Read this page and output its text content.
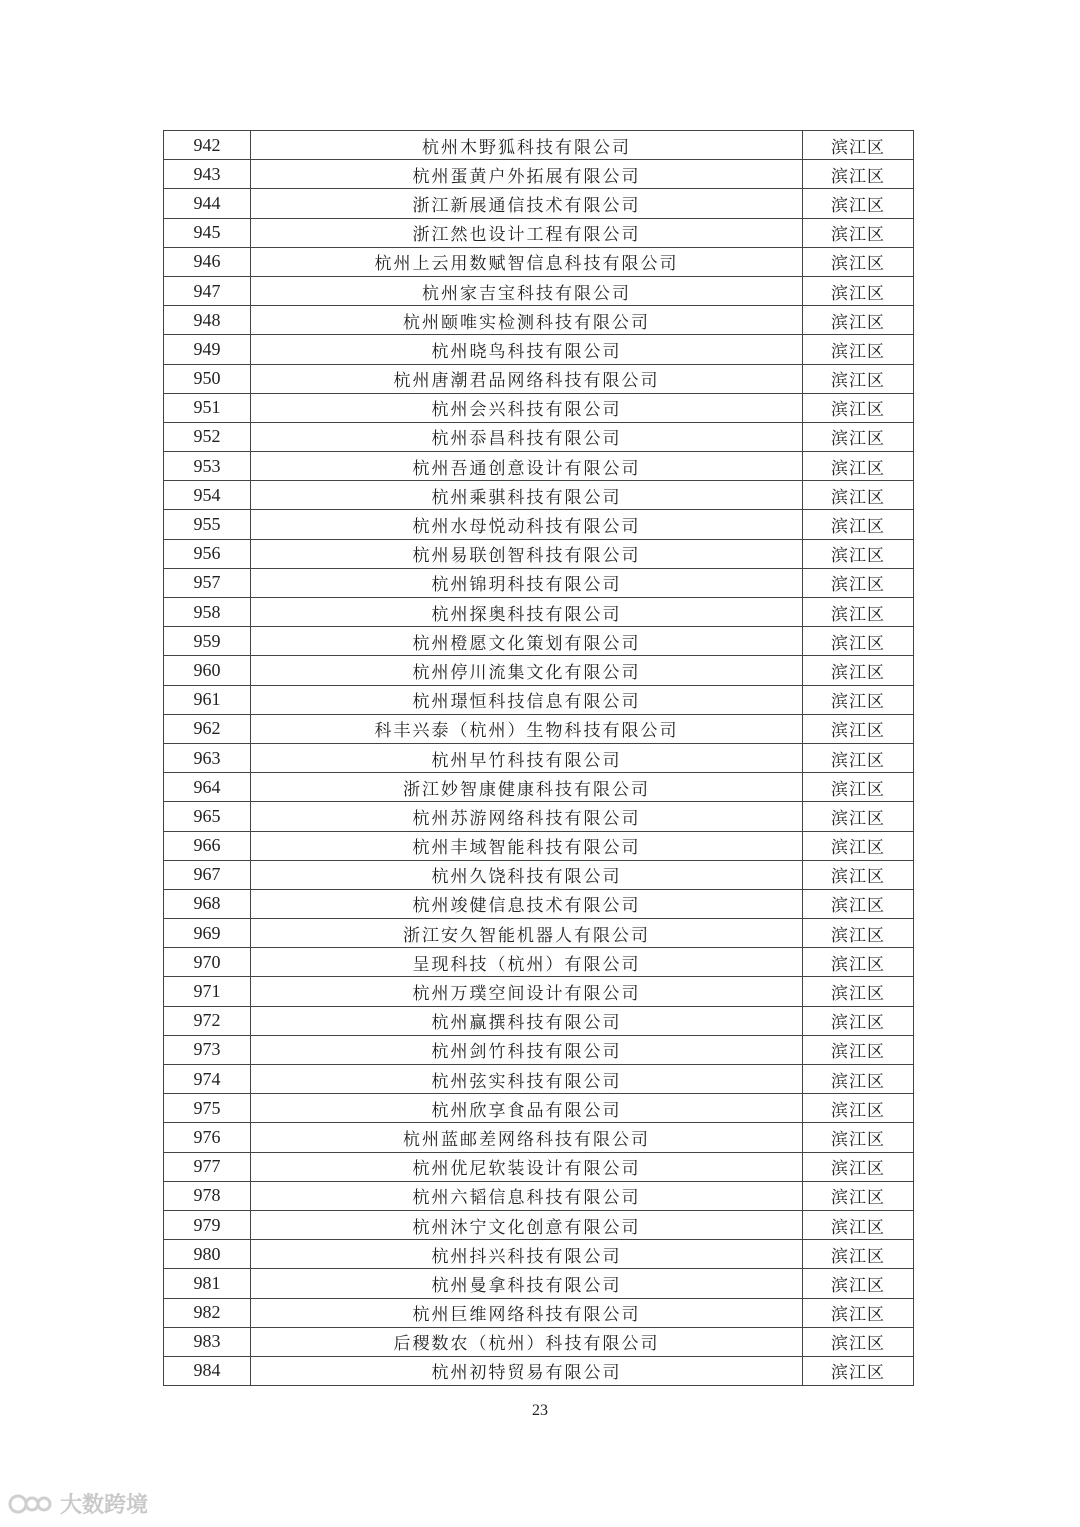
942	杭州木野狐科技有限公司	滨江区
943	杭州蛋黄户外拓展有限公司	滨江区
944	浙江新展通信技术有限公司	滨江区
945	浙江然也设计工程有限公司	滨江区
946	杭州上云用数赋智信息科技有限公司	滨江区
947	杭州家吉宝科技有限公司	滨江区
948	杭州颐唯实检测科技有限公司	滨江区
949	杭州晓鸟科技有限公司	滨江区
950	杭州唐潮君品网络科技有限公司	滨江区
951	杭州会兴科技有限公司	滨江区
952	杭州忝昌科技有限公司	滨江区
953	杭州吾通创意设计有限公司	滨江区
954	杭州乘骐科技有限公司	滨江区
955	杭州水母悦动科技有限公司	滨江区
956	杭州易联创智科技有限公司	滨江区
957	杭州锦玥科技有限公司	滨江区
958	杭州探奥科技有限公司	滨江区
959	杭州橙愿文化策划有限公司	滨江区
960	杭州停川流集文化有限公司	滨江区
961	杭州璟恒科技信息有限公司	滨江区
962	科丰兴泰（杭州）生物科技有限公司	滨江区
963	杭州早竹科技有限公司	滨江区
964	浙江妙智康健康科技有限公司	滨江区
965	杭州苏游网络科技有限公司	滨江区
966	杭州丰域智能科技有限公司	滨江区
967	杭州久饶科技有限公司	滨江区
968	杭州竣健信息技术有限公司	滨江区
969	浙江安久智能机器人有限公司	滨江区
970	呈现科技（杭州）有限公司	滨江区
971	杭州万璞空间设计有限公司	滨江区
972	杭州赢撰科技有限公司	滨江区
973	杭州剑竹科技有限公司	滨江区
974	杭州弦实科技有限公司	滨江区
975	杭州欣享食品有限公司	滨江区
976	杭州蓝邮差网络科技有限公司	滨江区
977	杭州优尼软装设计有限公司	滨江区
978	杭州六韬信息科技有限公司	滨江区
979	杭州沐宁文化创意有限公司	滨江区
980	杭州抖兴科技有限公司	滨江区
981	杭州曼拿科技有限公司	滨江区
982	杭州巨维网络科技有限公司	滨江区
983	后稷数农（杭州）科技有限公司	滨江区
984	杭州初特贸易有限公司	滨江区
23
大数跨境
